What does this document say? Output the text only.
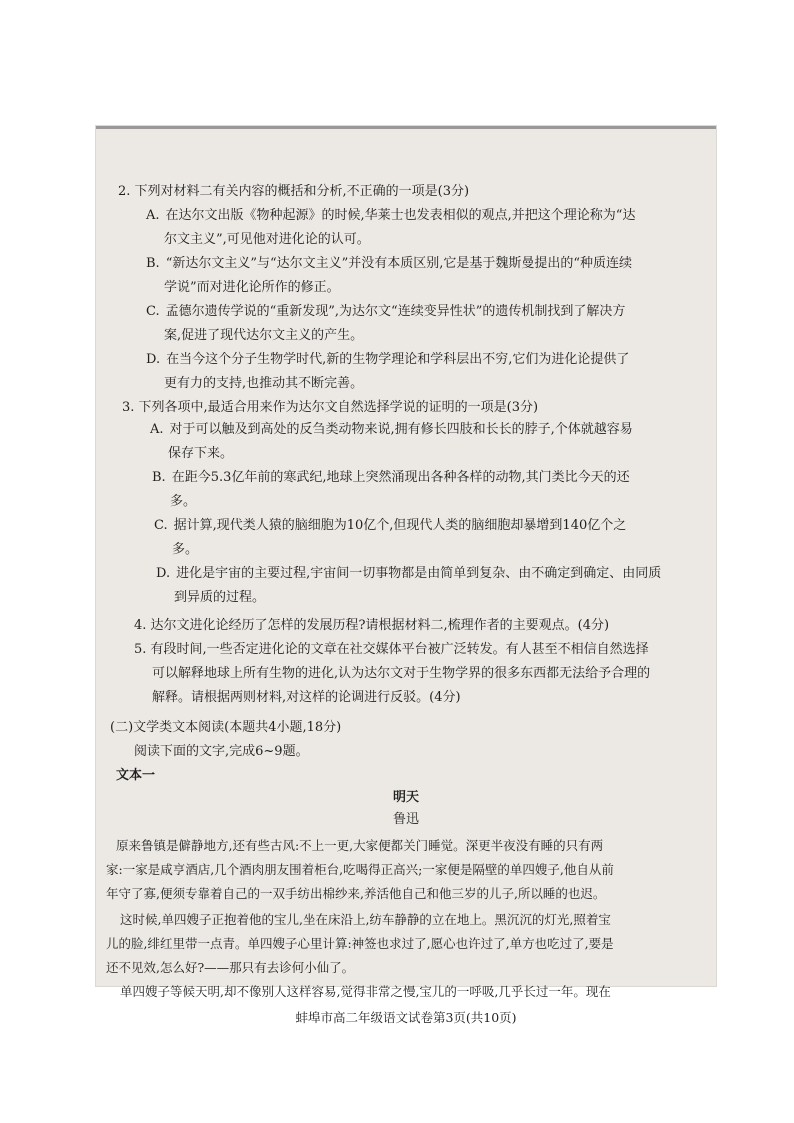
2. 下列对材料二有关内容的概括和分析,不正确的一项是(3分)
A. 在达尔文出版《物种起源》的时候,华莱士也发表相似的观点,并把这个理论称为“达
尔文主义”,可见他对进化论的认可。
B. “新达尔文主义”与“达尔文主义”并没有本质区别,它是基于魏斯曼提出的“种质连续
学说”而对进化论所作的修正。
C. 孟德尔遗传学说的“重新发现”,为达尔文“连续变异性状”的遗传机制找到了解决方
案,促进了现代达尔文主义的产生。
D. 在当今这个分子生物学时代,新的生物学理论和学科层出不穷,它们为进化论提供了
更有力的支持,也推动其不断完善。
3. 下列各项中,最适合用来作为达尔文自然选择学说的证明的一项是(3分)
A. 对于可以触及到高处的反刍类动物来说,拥有修长四肢和长长的脖子,个体就越容易
保存下来。
B. 在距今5.3亿年前的寒武纪,地球上突然涌现出各种各样的动物,其门类比今天的还
多。
C. 据计算,现代类人猿的脑细胞为10亿个,但现代人类的脑细胞却暴增到140亿个之
多。
D. 进化是宇宙的主要过程,宇宙间一切事物都是由简单到复杂、由不确定到确定、由同质
到异质的过程。
4. 达尔文进化论经历了怎样的发展历程?请根据材料二,梳理作者的主要观点。(4分)
5. 有段时间,一些否定进化论的文章在社交媒体平台被广泛转发。有人甚至不相信自然选择
可以解释地球上所有生物的进化,认为达尔文对于生物学界的很多东西都无法给予合理的
解释。请根据两则材料,对这样的论调进行反驳。(4分)
(二)文学类文本阅读(本题共4小题,18分)
阅读下面的文字,完成6~9题。
文本一
明天
鲁迅
原来鲁镇是僻静地方,还有些古风:不上一更,大家便都关门睡觉。深更半夜没有睡的只有两
家:一家是咸亨酒店,几个酒肉朋友围着柜台,吃喝得正高兴;一家便是隔壁的单四嫂子,他自从前
年守了寡,便须专靠着自己的一双手纺出棉纱来,养活他自己和他三岁的儿子,所以睡的也迟。
这时候,单四嫂子正抱着他的宝儿,坐在床沿上,纺车静静的立在地上。黑沉沉的灯光,照着宝
儿的脸,绯红里带一点青。单四嫂子心里计算:神签也求过了,愿心也许过了,单方也吃过了,要是
还不见效,怎么好?——那只有去诊何小仙了。
单四嫂子等候天明,却不像别人这样容易,觉得非常之慢,宝儿的一呼吸,几乎长过一年。现在
蚌埠市高二年级语文试卷第3页(共10页)
